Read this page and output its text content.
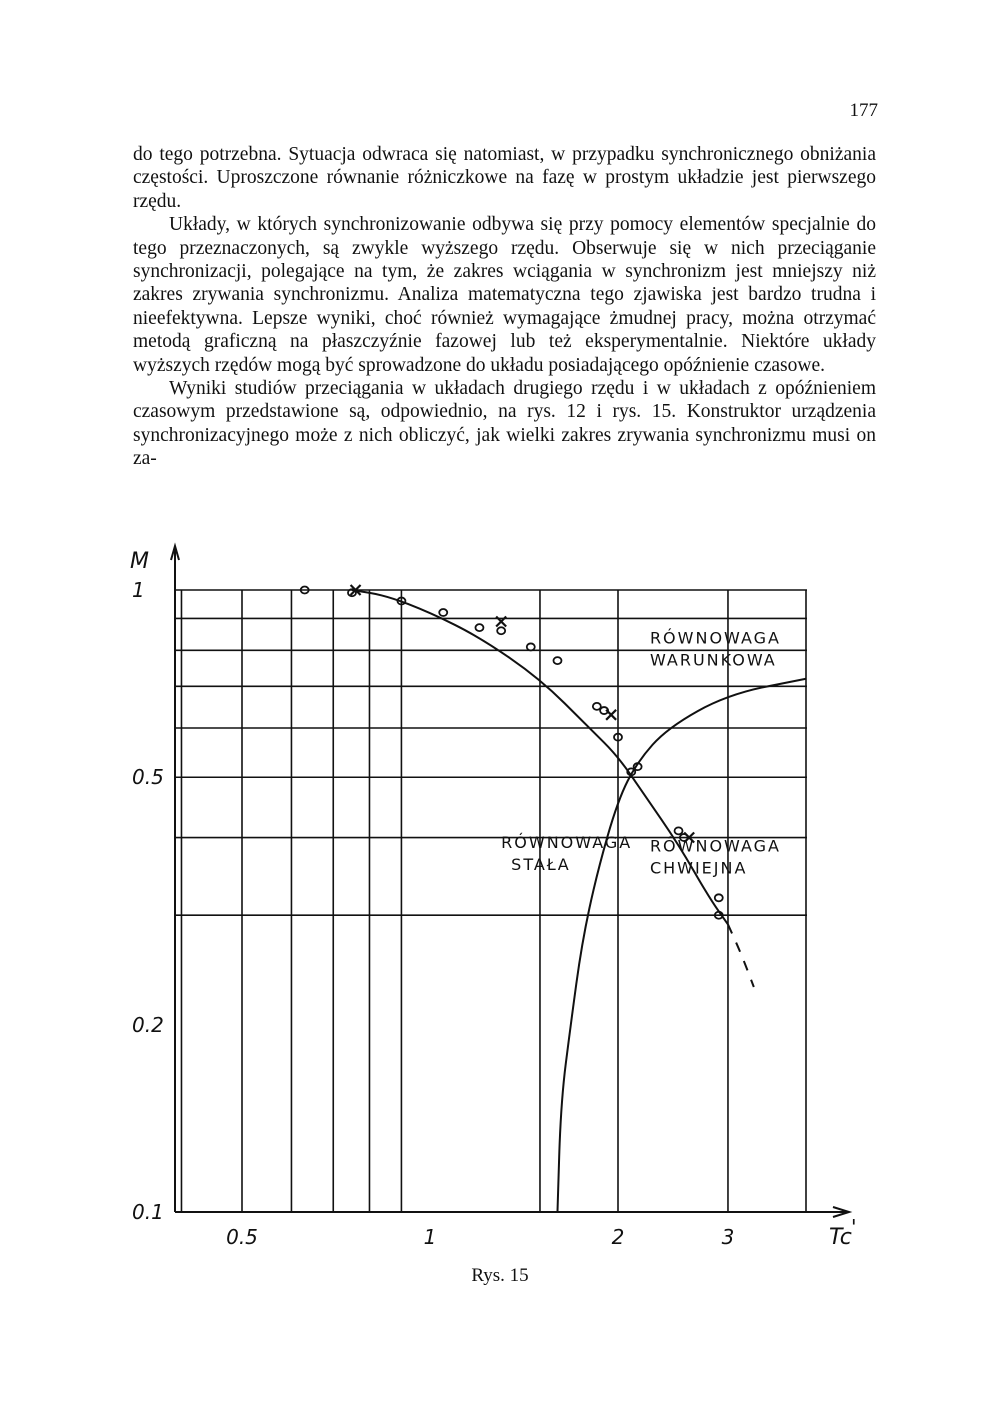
177

do tego potrzebna. Sytuacja odwraca się natomiast, w przypadku synchronicznego obniżania częstości. Uproszczone równanie różniczkowe na fazę w prostym układzie jest pierwszego rzędu.

Układy, w których synchronizowanie odbywa się przy pomocy elementów specjalnie do tego przeznaczonych, są zwykle wyższego rzędu. Obserwuje się w nich przeciąganie synchronizacji, polegające na tym, że zakres wciągania w synchronizm jest mniejszy niż zakres zrywania synchronizmu. Analiza matematyczna tego zjawiska jest bardzo trudna i nieefektywna. Lepsze wyniki, choć również wymagające żmudnej pracy, można otrzymać metodą graficzną na płaszczyźnie fazowej lub też eksperymentalnie. Niektóre układy wyższych rzędów mogą być sprowadzone do układu posiadającego opóźnienie czasowe.

Wyniki studiów przeciągania w układach drugiego rzędu i w układach z opóźnieniem czasowym przedstawione są, odpowiednio, na rys. 12 i rys. 15. Konstruktor urządzenia synchronizacyjnego może z nich obliczyć, jak wielki zakres zrywania synchronizmu musi on za-

M
Tc '
1
0.5
0.2
0.1
0.5	1	2	3
RÓWNOWAGA
WARUNKOWA
RÓWNOWAGA
STAŁA
RÓWNOWAGA
CHWIEJNA
Rys. 15
